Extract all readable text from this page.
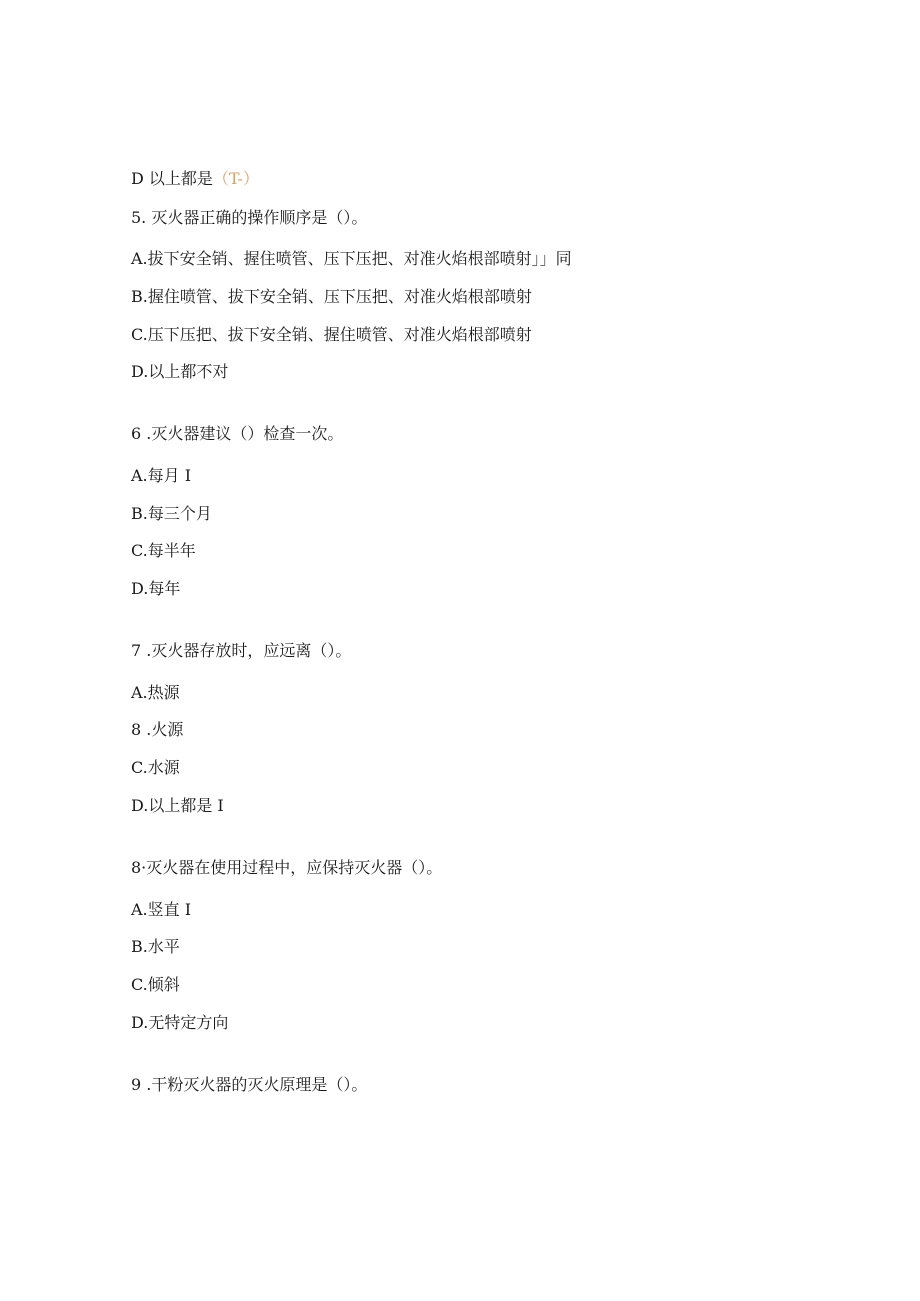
D 以上都是（T-）
5. 灭火器正确的操作顺序是（）。
A.拔下安全销、握住喷管、压下压把、对准火焰根部喷射」」同
B.握住喷管、拔下安全销、压下压把、对准火焰根部喷射
C.压下压把、拔下安全销、握住喷管、对准火焰根部喷射
D.以上都不对
6	.灭火器建议（）检查一次。
A.每月 I
B.每三个月
C.每半年
D.每年
7	.灭火器存放时，应远离（）。
A.热源
8	.火源
C.水源
D.以上都是 I
8·灭火器在使用过程中，应保持灭火器（）。
A.竖直 I
B.水平
C.倾斜
D.无特定方向
9	.干粉灭火器的灭火原理是（）。
